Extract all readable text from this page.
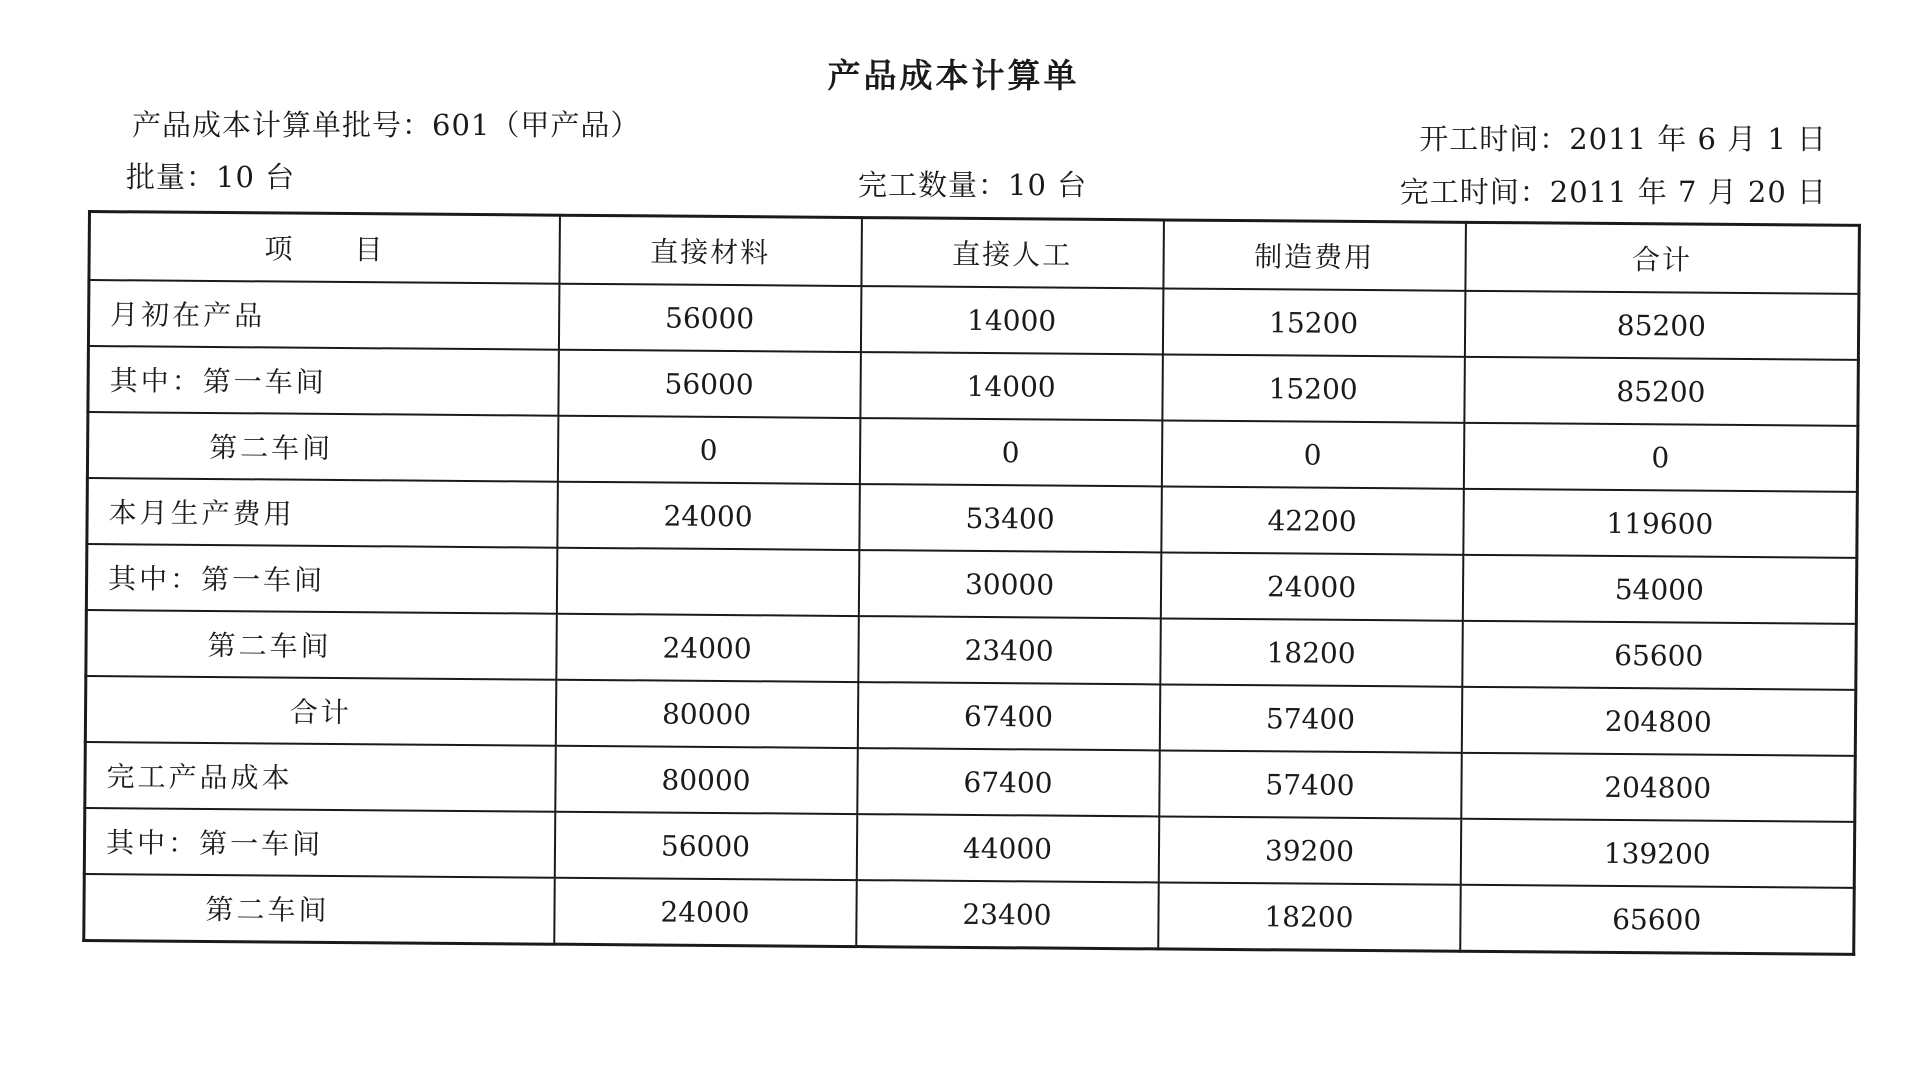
产品成本计算单
产品成本计算单批号：601（甲产品）
批量：10 台	完工数量：10 台
开工时间：2011 年 6 月 1 日
完工时间：2011 年 7 月 20 日
项　　目	直接材料	直接人工	制造费用	合计
月初在产品	56000	14000	15200	85200
其中：第一车间	56000	14000	15200	85200
第二车间	0	0	0	0
本月生产费用	24000	53400	42200	119600
其中：第一车间		30000	24000	54000
第二车间	24000	23400	18200	65600
合计	80000	67400	57400	204800
完工产品成本	80000	67400	57400	204800
其中：第一车间	56000	44000	39200	139200
第二车间	24000	23400	18200	65600
